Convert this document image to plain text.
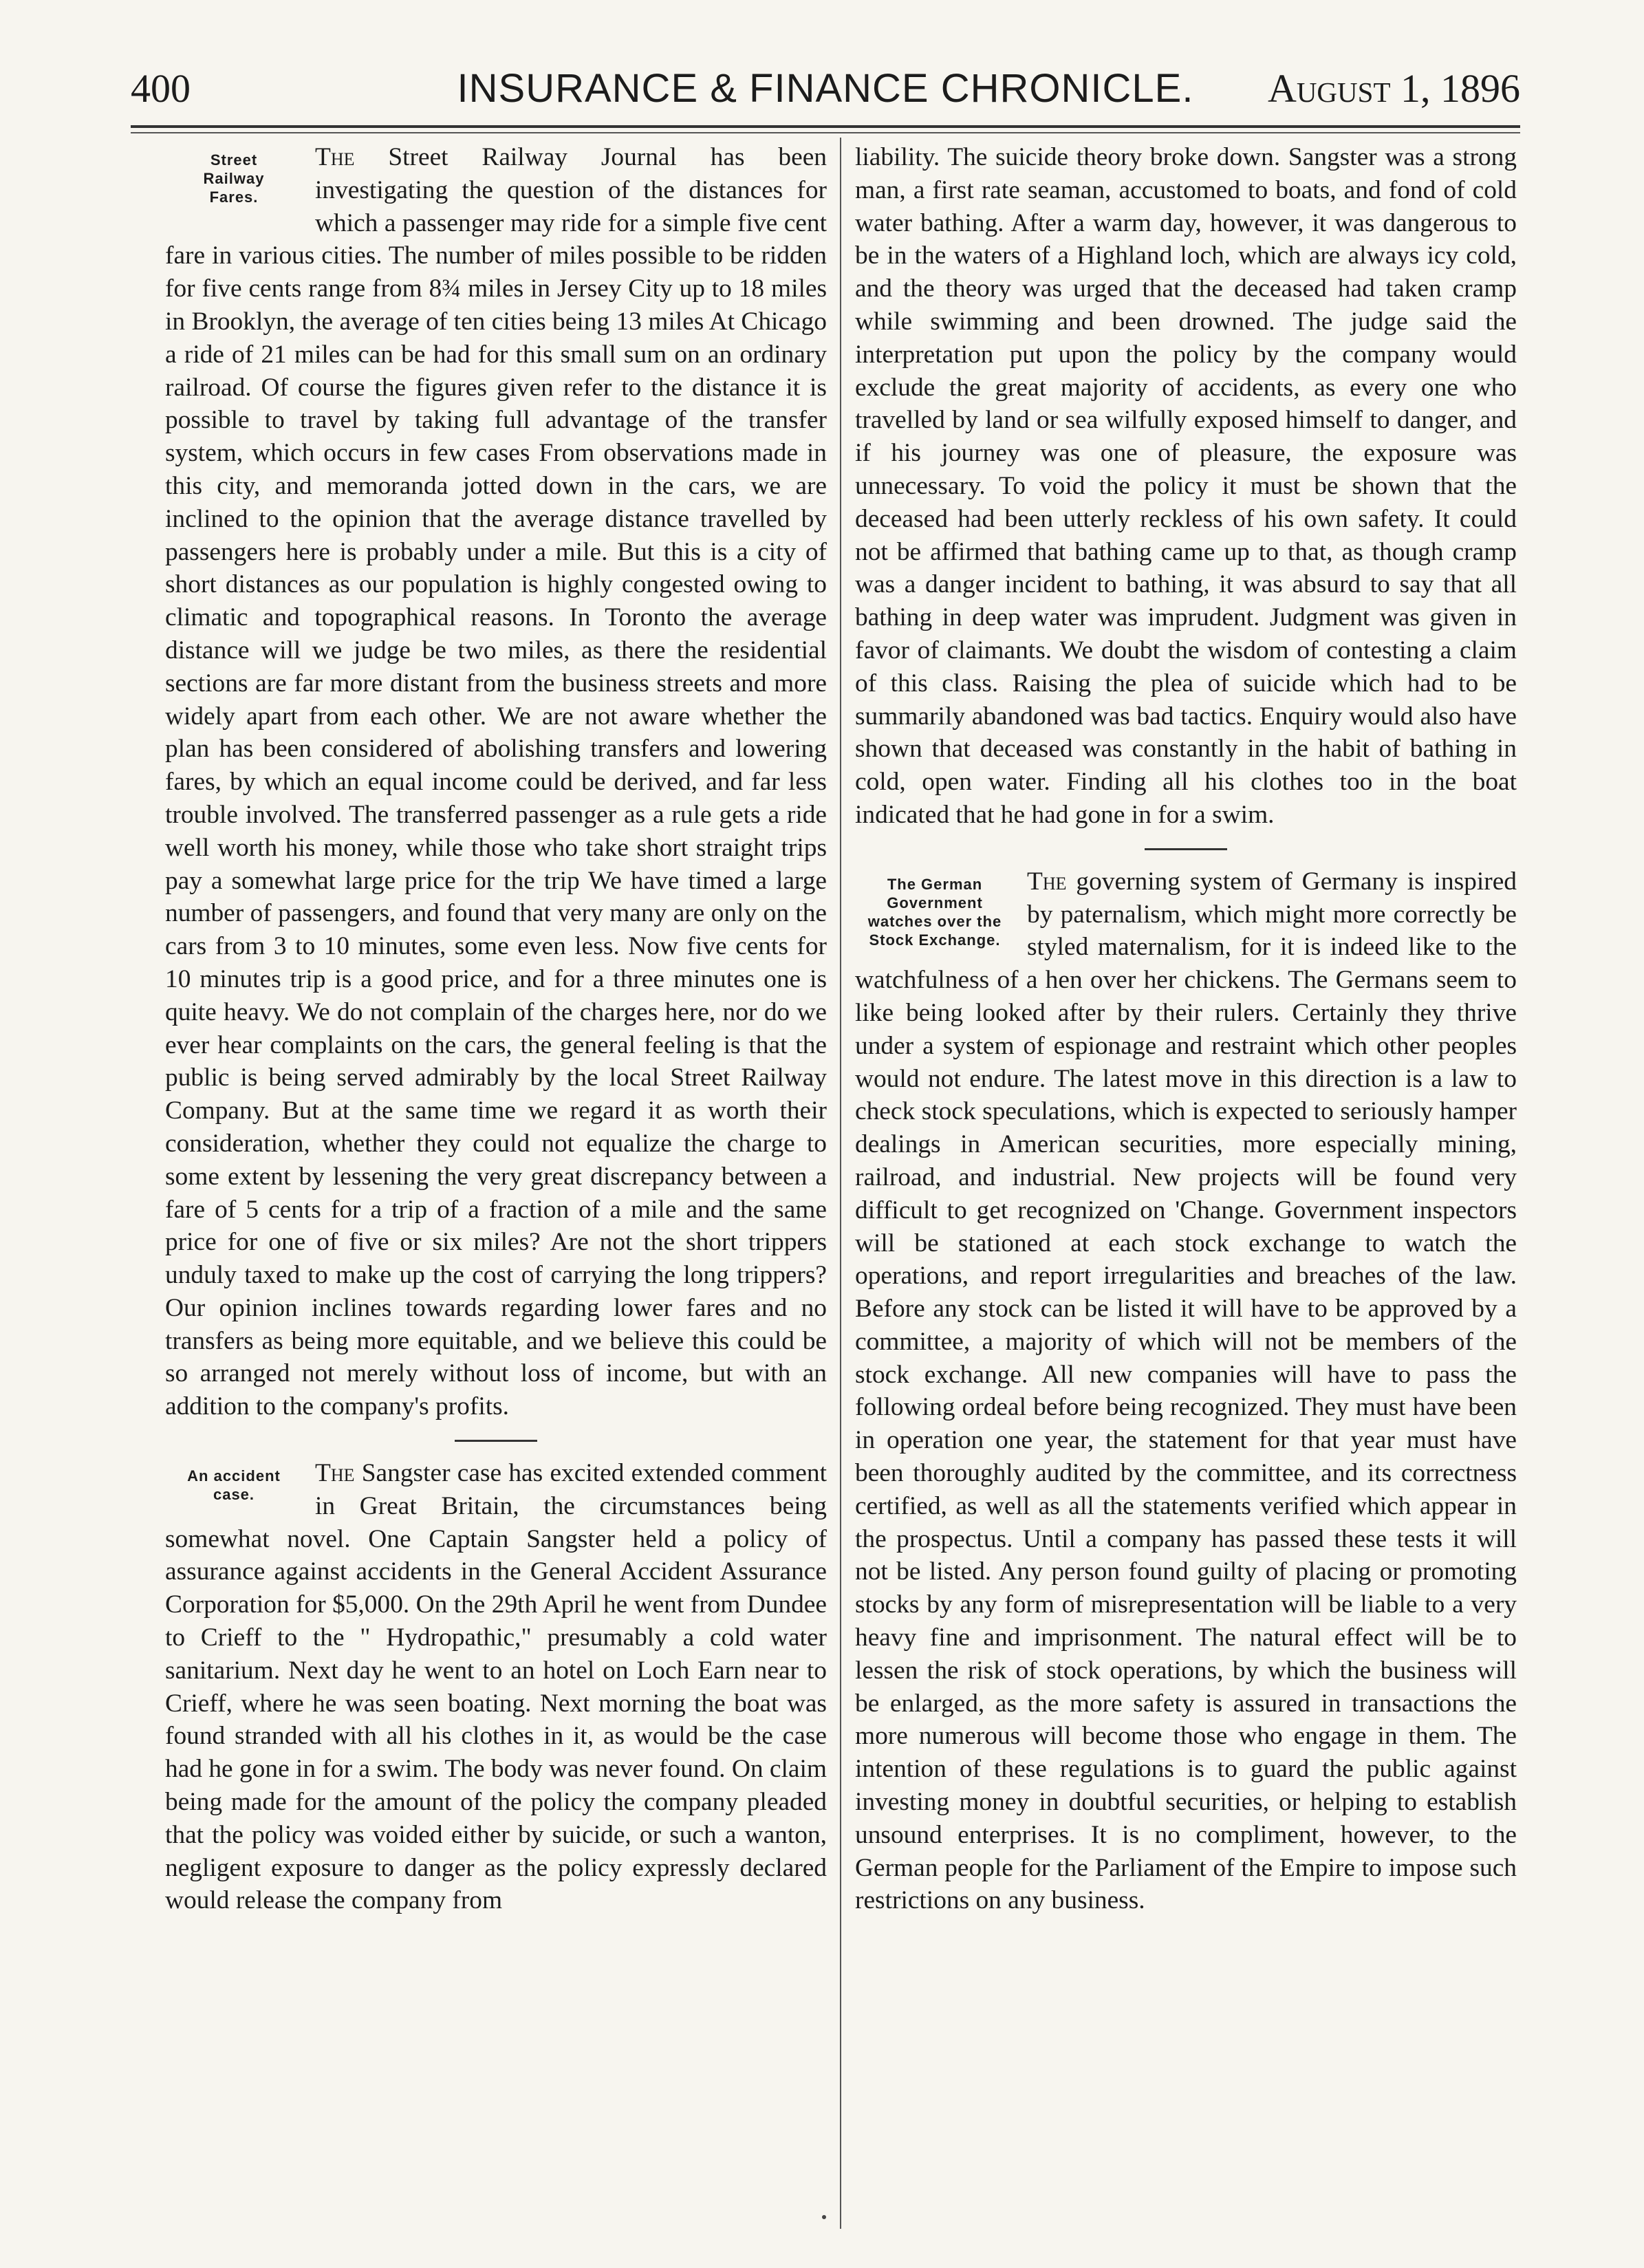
400	INSURANCE & FINANCE CHRONICLE.	August 1, 1896
Street
Railway
Fares.

The Street Railway Journal has been investigating the question of the distances for which a passenger may ride for a simple five cent fare in various cities. The number of miles possible to be ridden for five cents range from 8¾ miles in Jersey City up to 18 miles in Brooklyn, the average of ten cities being 13 miles At Chicago a ride of 21 miles can be had for this small sum on an ordinary railroad. Of course the figures given refer to the distance it is possible to travel by taking full advantage of the transfer system, which occurs in few cases From observations made in this city, and memoranda jotted down in the cars, we are inclined to the opinion that the average distance travelled by passengers here is probably under a mile. But this is a city of short distances as our population is highly congested owing to climatic and topographical reasons. In Toronto the average distance will we judge be two miles, as there the residential sections are far more distant from the business streets and more widely apart from each other. We are not aware whether the plan has been considered of abolishing transfers and lowering fares, by which an equal income could be derived, and far less trouble involved. The transferred passenger as a rule gets a ride well worth his money, while those who take short straight trips pay a somewhat large price for the trip We have timed a large number of passengers, and found that very many are only on the cars from 3 to 10 minutes, some even less. Now five cents for 10 minutes trip is a good price, and for a three minutes one is quite heavy. We do not complain of the charges here, nor do we ever hear complaints on the cars, the general feeling is that the public is being served admirably by the local Street Railway Company. But at the same time we regard it as worth their consideration, whether they could not equalize the charge to some extent by lessening the very great discrepancy between a fare of 5 cents for a trip of a fraction of a mile and the same price for one of five or six miles? Are not the short trippers unduly taxed to make up the cost of carrying the long trippers? Our opinion inclines towards regarding lower fares and no transfers as being more equitable, and we believe this could be so arranged not merely without loss of income, but with an addition to the company's profits.

An accident
case.

The Sangster case has excited extended comment in Great Britain, the circumstances being somewhat novel. One Captain Sangster held a policy of assurance against accidents in the General Accident Assurance Corporation for $5,000. On the 29th April he went from Dundee to Crieff to the " Hydropathic," presumably a cold water sanitarium. Next day he went to an hotel on Loch Earn near to Crieff, where he was seen boating. Next morning the boat was found stranded with all his clothes in it, as would be the case had he gone in for a swim. The body was never found. On claim being made for the amount of the policy the company pleaded that the policy was voided either by suicide, or such a wanton, negligent exposure to danger as the policy expressly declared would release the company from

liability. The suicide theory broke down. Sangster was a strong man, a first rate seaman, accustomed to boats, and fond of cold water bathing. After a warm day, however, it was dangerous to be in the waters of a Highland loch, which are always icy cold, and the theory was urged that the deceased had taken cramp while swimming and been drowned. The judge said the interpretation put upon the policy by the company would exclude the great majority of accidents, as every one who travelled by land or sea wilfully exposed himself to danger, and if his journey was one of pleasure, the exposure was unnecessary. To void the policy it must be shown that the deceased had been utterly reckless of his own safety. It could not be affirmed that bathing came up to that, as though cramp was a danger incident to bathing, it was absurd to say that all bathing in deep water was imprudent. Judgment was given in favor of claimants. We doubt the wisdom of contesting a claim of this class. Raising the plea of suicide which had to be summarily abandoned was bad tactics. Enquiry would also have shown that deceased was constantly in the habit of bathing in cold, open water. Finding all his clothes too in the boat indicated that he had gone in for a swim.

The German
Government
watches over the
Stock Exchange.

The governing system of Germany is inspired by paternalism, which might more correctly be styled maternalism, for it is indeed like to the watchfulness of a hen over her chickens. The Germans seem to like being looked after by their rulers. Certainly they thrive under a system of espionage and restraint which other peoples would not endure. The latest move in this direction is a law to check stock speculations, which is expected to seriously hamper dealings in American securities, more especially mining, railroad, and industrial. New projects will be found very difficult to get recognized on 'Change. Government inspectors will be stationed at each stock exchange to watch the operations, and report irregularities and breaches of the law. Before any stock can be listed it will have to be approved by a committee, a majority of which will not be members of the stock exchange. All new companies will have to pass the following ordeal before being recognized. They must have been in operation one year, the statement for that year must have been thoroughly audited by the committee, and its correctness certified, as well as all the statements verified which appear in the prospectus. Until a company has passed these tests it will not be listed. Any person found guilty of placing or promoting stocks by any form of misrepresentation will be liable to a very heavy fine and imprisonment. The natural effect will be to lessen the risk of stock operations, by which the business will be enlarged, as the more safety is assured in transactions the more numerous will become those who engage in them. The intention of these regulations is to guard the public against investing money in doubtful securities, or helping to establish unsound enterprises. It is no compliment, however, to the German people for the Parliament of the Empire to impose such restrictions on any business.
